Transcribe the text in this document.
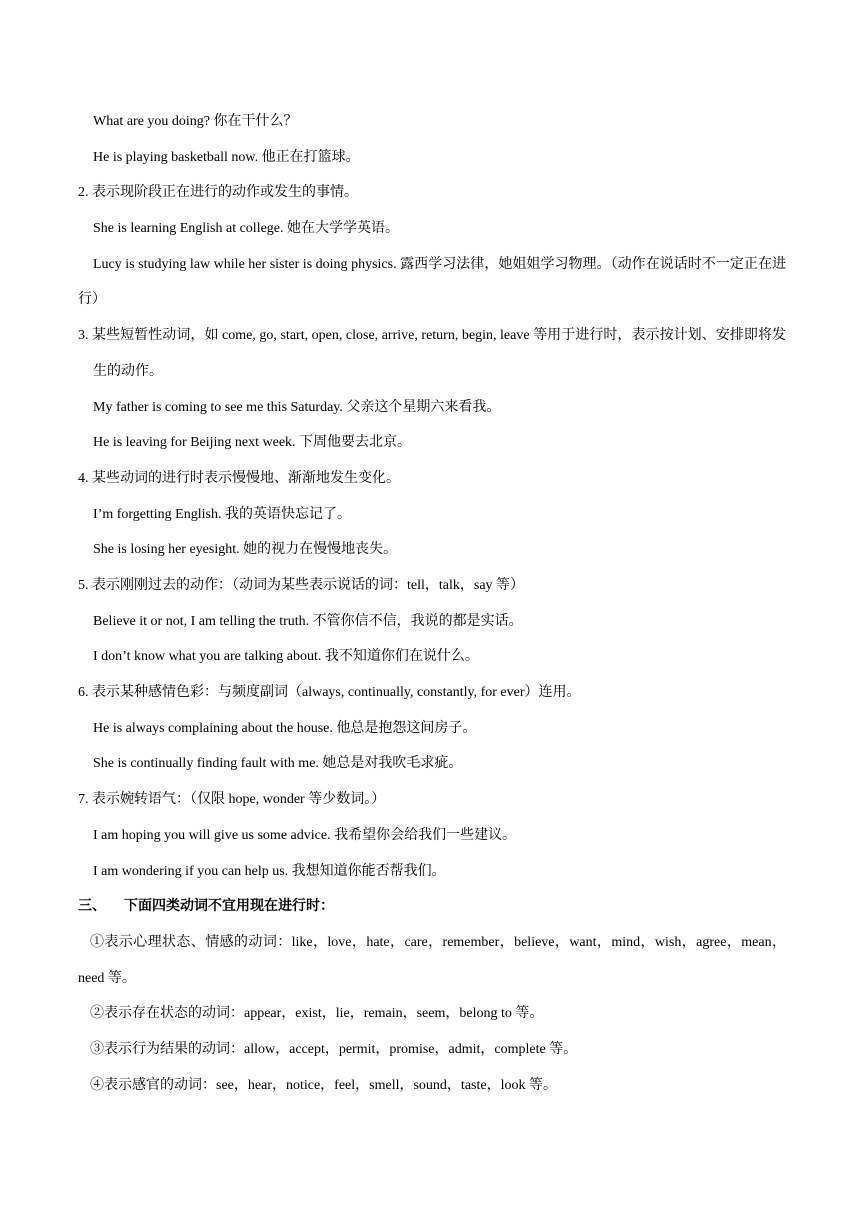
What are you doing? 你在干什么？
He is playing basketball now. 他正在打篮球。
2. 表示现阶段正在进行的动作或发生的事情。
She is learning English at college. 她在大学学英语。
Lucy is studying law while her sister is doing physics. 露西学习法律，她姐姐学习物理。（动作在说话时不一定正在进行）
3. 某些短暂性动词，如 come, go, start, open, close, arrive, return, begin, leave 等用于进行时，表示按计划、安排即将发生的动作。
My father is coming to see me this Saturday. 父亲这个星期六来看我。
He is leaving for Beijing next week. 下周他要去北京。
4. 某些动词的进行时表示慢慢地、渐渐地发生变化。
I’m forgetting English. 我的英语快忘记了。
She is losing her eyesight. 她的视力在慢慢地丧失。
5. 表示刚刚过去的动作：（动词为某些表示说话的词：tell，talk，say 等）
Believe it or not, I am telling the truth. 不管你信不信，我说的都是实话。
I don’t know what you are talking about. 我不知道你们在说什么。
6. 表示某种感情色彩：与频度副词（always, continually, constantly, for ever）连用。
He is always complaining about the house. 他总是抱怨这间房子。
She is continually finding fault with me. 她总是对我吹毛求疵。
7. 表示婉转语气：（仅限 hope, wonder 等少数词。）
I am hoping you will give us some advice. 我希望你会给我们一些建议。
I am wondering if you can help us. 我想知道你能否帮我们。
三、 下面四类动词不宜用现在进行时：
①表示心理状态、情感的动词：like，love，hate，care，remember，believe，want，mind，wish，agree，mean，need 等。
②表示存在状态的动词：appear，exist，lie，remain，seem，belong to 等。
③表示行为结果的动词：allow，accept，permit，promise，admit，complete 等。
④表示感官的动词：see，hear，notice，feel，smell，sound，taste，look 等。
